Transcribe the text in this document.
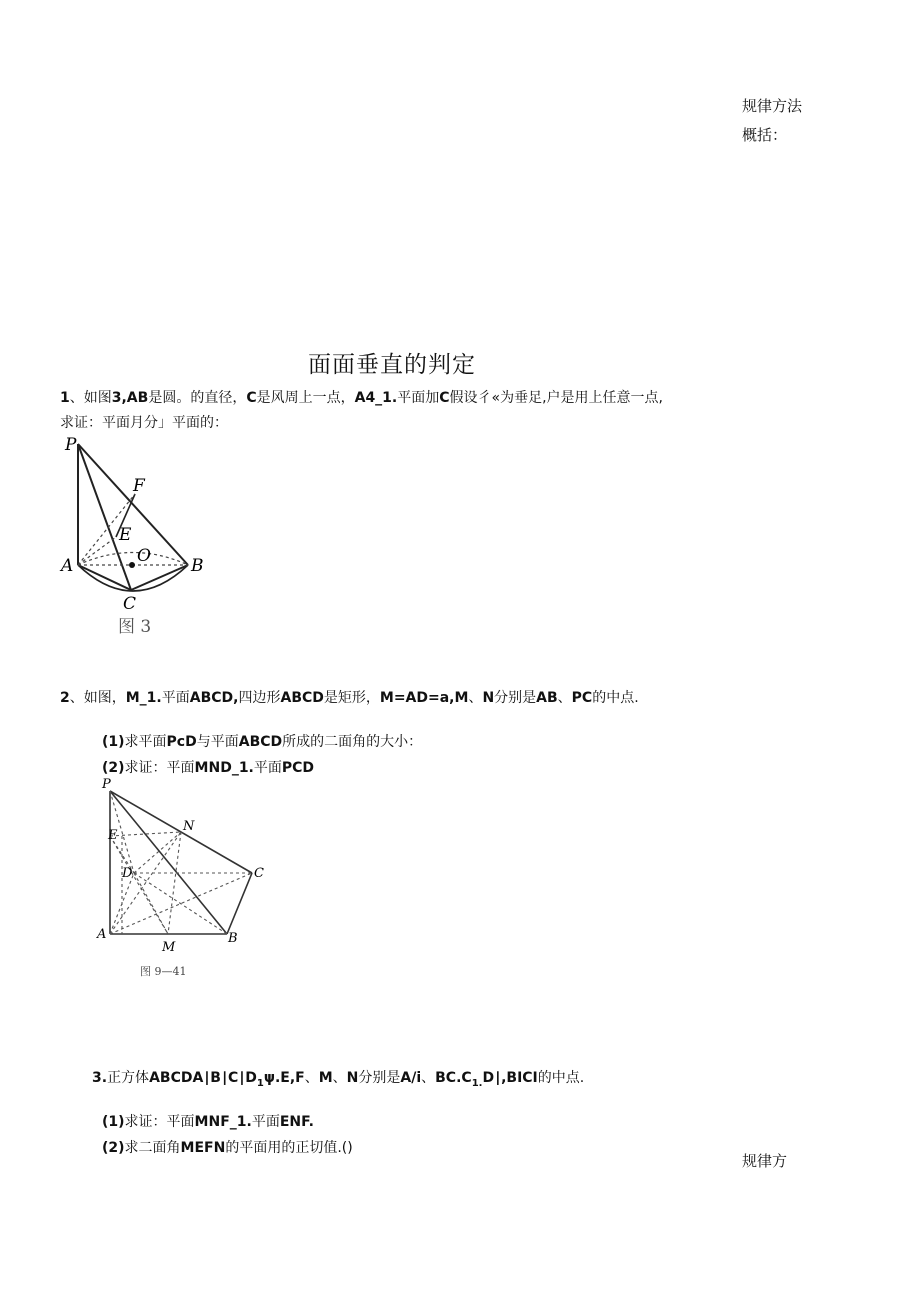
规律方法
概括：
面面垂直的判定
1、如图3,AB是圆。的直径，C是风周上一点，A4_1.平面加C假设彳«为垂足,户是用上任意一点,
求证：平面月分」平面的：
P
F
E
O
A	B
C
图 3
2、如图，M_1.平面ABCD,四边形ABCD是矩形，M=AD=a,M、N分别是AB、PC的中点.
(1)求平面PcD与平面ABCD所成的二面角的大小：
(2)求证：平面MND_1.平面PCD
P
E
N
D	C
A
M
B
图 9—41
3.正方体$ABCDA∣B∣C∣D_1\psi.E,F$、M、N分别是A/i、$BC.C_{1.}D∣,BICI$的中点.
(1)求证：平面MNF_1.平面ENF.
(2)求二面角MEFN的平面用的正切值.()
规律方
